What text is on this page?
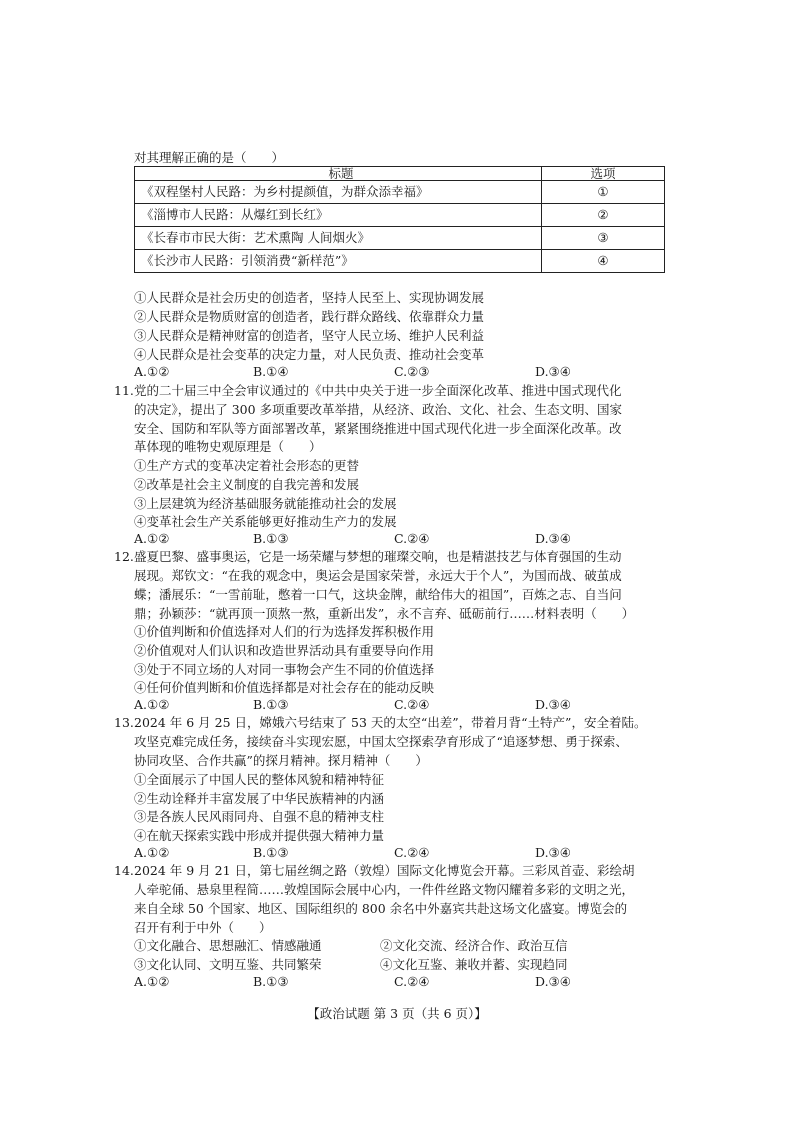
对其理解正确的是（　　）
标题	选项
《双程堡村人民路：为乡村提颜值，为群众添幸福》	①
《淄博市人民路：从爆红到长红》	②
《长春市市民大街：艺术熏陶 人间烟火》	③
《长沙市人民路：引领消费“新样范”》	④
①人民群众是社会历史的创造者，坚持人民至上、实现协调发展
②人民群众是物质财富的创造者，践行群众路线、依靠群众力量
③人民群众是精神财富的创造者，坚守人民立场、维护人民利益
④人民群众是社会变革的决定力量，对人民负责、推动社会变革
A.①②	B.①④	C.②③	D.③④
11. 党的二十届三中全会审议通过的《中共中央关于进一步全面深化改革、推进中国式现代化
的决定》，提出了 300 多项重要改革举措，从经济、政治、文化、社会、生态文明、国家
安全、国防和军队等方面部署改革，紧紧围绕推进中国式现代化进一步全面深化改革。改
革体现的唯物史观原理是（　　）
①生产方式的变革决定着社会形态的更替
②改革是社会主义制度的自我完善和发展
③上层建筑为经济基础服务就能推动社会的发展
④变革社会生产关系能够更好推动生产力的发展
A.①②	B.①③	C.②④	D.③④
12. 盛夏巴黎、盛事奥运，它是一场荣耀与梦想的璀璨交响，也是精湛技艺与体育强国的生动
展现。郑钦文：“在我的观念中，奥运会是国家荣誉，永远大于个人”，为国而战、破茧成
蝶；潘展乐：“一雪前耻，憋着一口气，这块金牌，献给伟大的祖国”，百炼之志、自当问
鼎；孙颖莎：“就再顶一顶熬一熬，重新出发”，永不言弃、砥砺前行……材料表明（　　）
①价值判断和价值选择对人们的行为选择发挥积极作用
②价值观对人们认识和改造世界活动具有重要导向作用
③处于不同立场的人对同一事物会产生不同的价值选择
④任何价值判断和价值选择都是对社会存在的能动反映
A.①②	B.①③	C.②④	D.③④
13. 2024 年 6 月 25 日，嫦娥六号结束了 53 天的太空“出差”，带着月背“土特产”，安全着陆。
攻坚克难完成任务，接续奋斗实现宏愿，中国太空探索孕育形成了“追逐梦想、勇于探索、
协同攻坚、合作共赢”的探月精神。探月精神（　　）
①全面展示了中国人民的整体风貌和精神特征
②生动诠释并丰富发展了中华民族精神的内涵
③是各族人民风雨同舟、自强不息的精神支柱
④在航天探索实践中形成并提供强大精神力量
A.①②	B.①③	C.②④	D.③④
14. 2024 年 9 月 21 日，第七届丝绸之路（敦煌）国际文化博览会开幕。三彩凤首壶、彩绘胡
人牵驼俑、悬泉里程简……敦煌国际会展中心内，一件件丝路文物闪耀着多彩的文明之光，
来自全球 50 个国家、地区、国际组织的 800 余名中外嘉宾共赴这场文化盛宴。博览会的
召开有利于中外（　　）
①文化融合、思想融汇、情感融通	②文化交流、经济合作、政治互信
③文化认同、文明互鉴、共同繁荣	④文化互鉴、兼收并蓄、实现趋同
A.①②	B.①③	C.②④	D.③④
【政治试题 第 3 页（共 6 页）】
